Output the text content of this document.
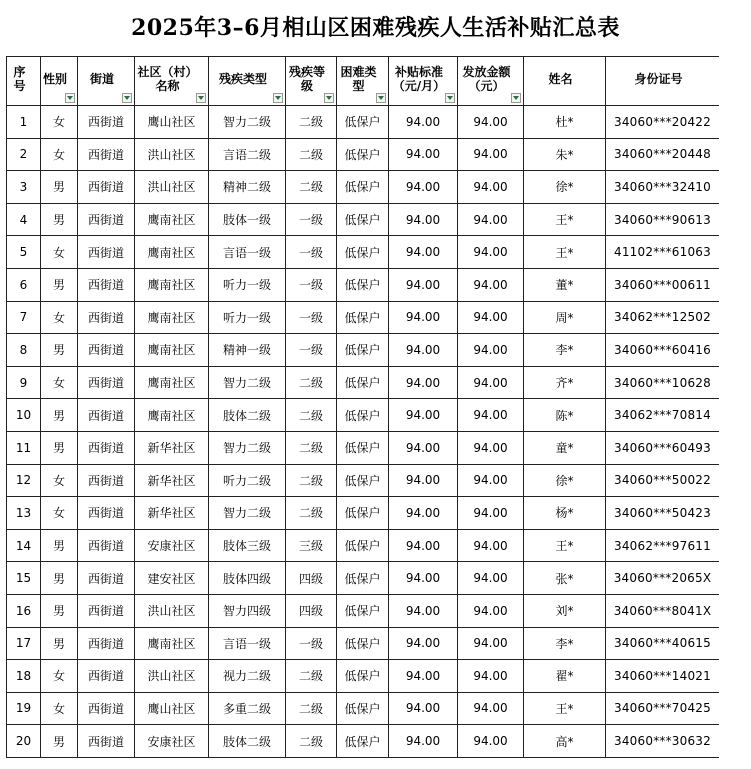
2025年3–6月相山区困难残疾人生活补贴汇总表
序号	性别	街道	社区（村）名称	残疾类型	残疾等级	困难类型	补贴标准（元/月）	发放金额（元）	姓名	身份证号

1	女	西街道	鹰山社区	智力二级	二级	低保户	94.00	94.00	杜*	34060***20422
2	女	西街道	洪山社区	言语二级	二级	低保户	94.00	94.00	朱*	34060***20448
3	男	西街道	洪山社区	精神二级	二级	低保户	94.00	94.00	徐*	34060***32410
4	男	西街道	鹰南社区	肢体一级	一级	低保户	94.00	94.00	王*	34060***90613
5	女	西街道	鹰南社区	言语一级	一级	低保户	94.00	94.00	王*	41102***61063
6	男	西街道	鹰南社区	听力一级	一级	低保户	94.00	94.00	董*	34060***00611
7	女	西街道	鹰南社区	听力一级	一级	低保户	94.00	94.00	周*	34062***12502
8	男	西街道	鹰南社区	精神一级	一级	低保户	94.00	94.00	李*	34060***60416
9	女	西街道	鹰南社区	智力二级	二级	低保户	94.00	94.00	齐*	34060***10628
10	男	西街道	鹰南社区	肢体二级	二级	低保户	94.00	94.00	陈*	34062***70814
11	男	西街道	新华社区	智力二级	二级	低保户	94.00	94.00	童*	34060***60493
12	女	西街道	新华社区	听力二级	二级	低保户	94.00	94.00	徐*	34060***50022
13	女	西街道	新华社区	智力二级	二级	低保户	94.00	94.00	杨*	34060***50423
14	男	西街道	安康社区	肢体三级	三级	低保户	94.00	94.00	王*	34062***97611
15	男	西街道	建安社区	肢体四级	四级	低保户	94.00	94.00	张*	34060***2065X
16	男	西街道	洪山社区	智力四级	四级	低保户	94.00	94.00	刘*	34060***8041X
17	男	西街道	鹰南社区	言语一级	一级	低保户	94.00	94.00	李*	34060***40615
18	女	西街道	洪山社区	视力二级	二级	低保户	94.00	94.00	翟*	34060***14021
19	女	西街道	鹰山社区	多重二级	二级	低保户	94.00	94.00	王*	34060***70425
20	男	西街道	安康社区	肢体二级	二级	低保户	94.00	94.00	高*	34060***30632
